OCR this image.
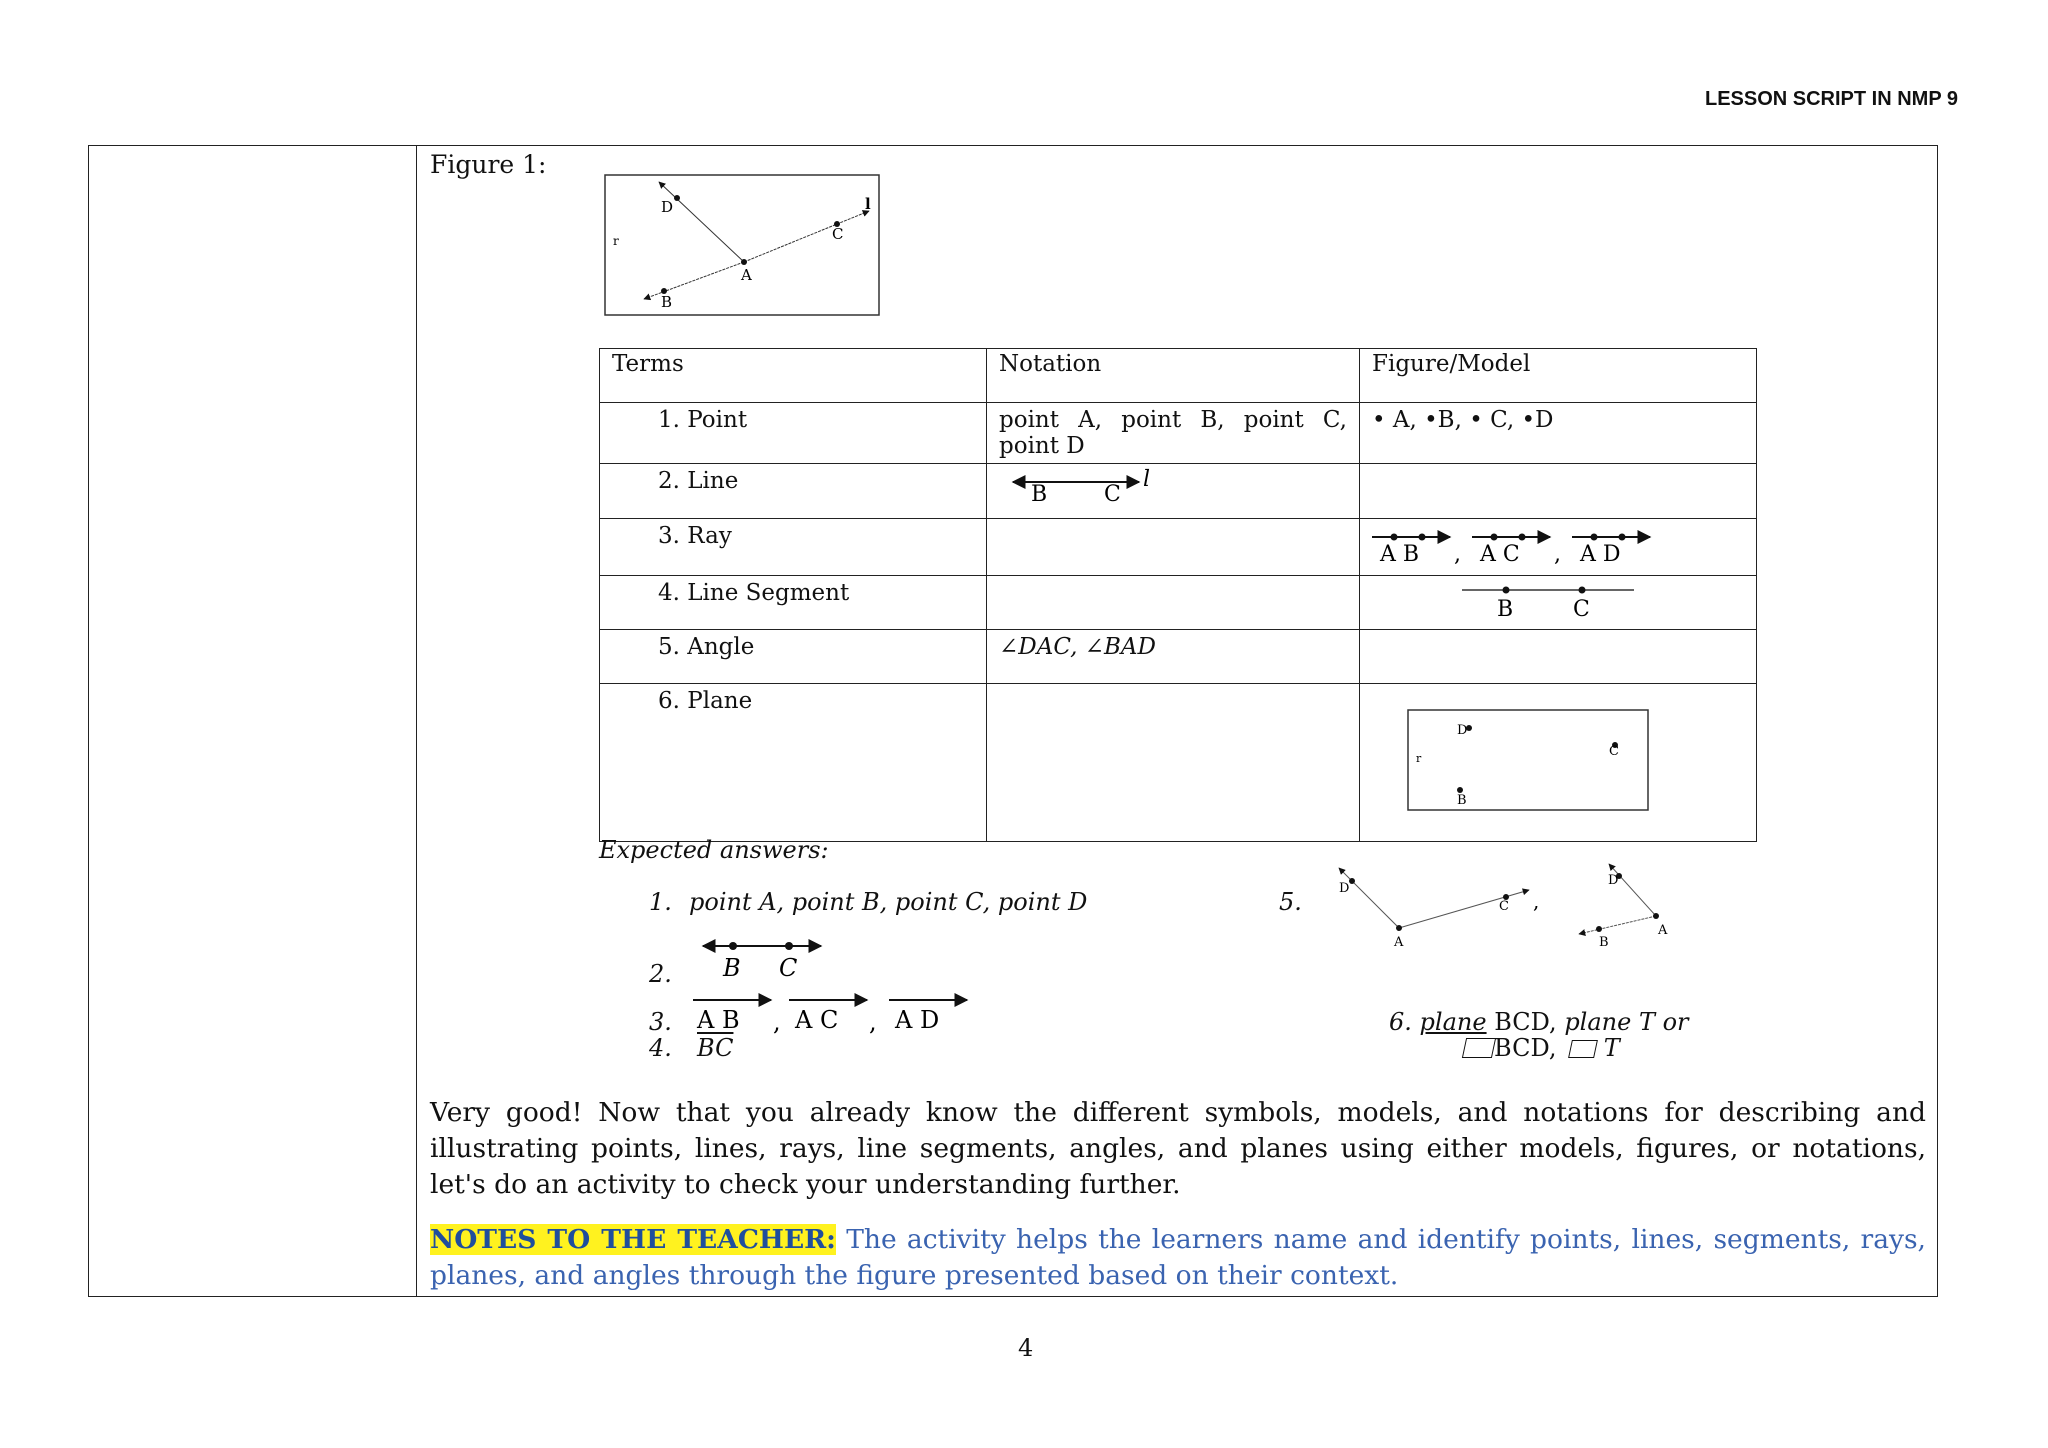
LESSON SCRIPT IN NMP 9
Figure 1:
D
C
A
B
l
r
Terms	Notation	Figure/Model
1. Point	point A, point B, point C, point D	• A, •B, • C, •D
2. Line	B C
l	

3. Ray		A B , A C , A D

4. Line Segment		B C

5. Angle	∠DAC, ∠BAD	
6. Plane		D
C
B
r
Expected answers:
1. point A, point B, point C, point D
2. B C
3. A B , A C , A D
4. $\overline{BC}$
5.	D
C
A
,
D
A
B
6. plane BCD, plane T or
BCD, T
Very good! Now that you already know the different symbols, models, and notations for describing and illustrating points, lines, rays, line segments, angles, and planes using either models, figures, or notations, let's do an activity to check your understanding further.
NOTES TO THE TEACHER: The activity helps the learners name and identify points, lines, segments, rays, planes, and angles through the figure presented based on their context.
4
